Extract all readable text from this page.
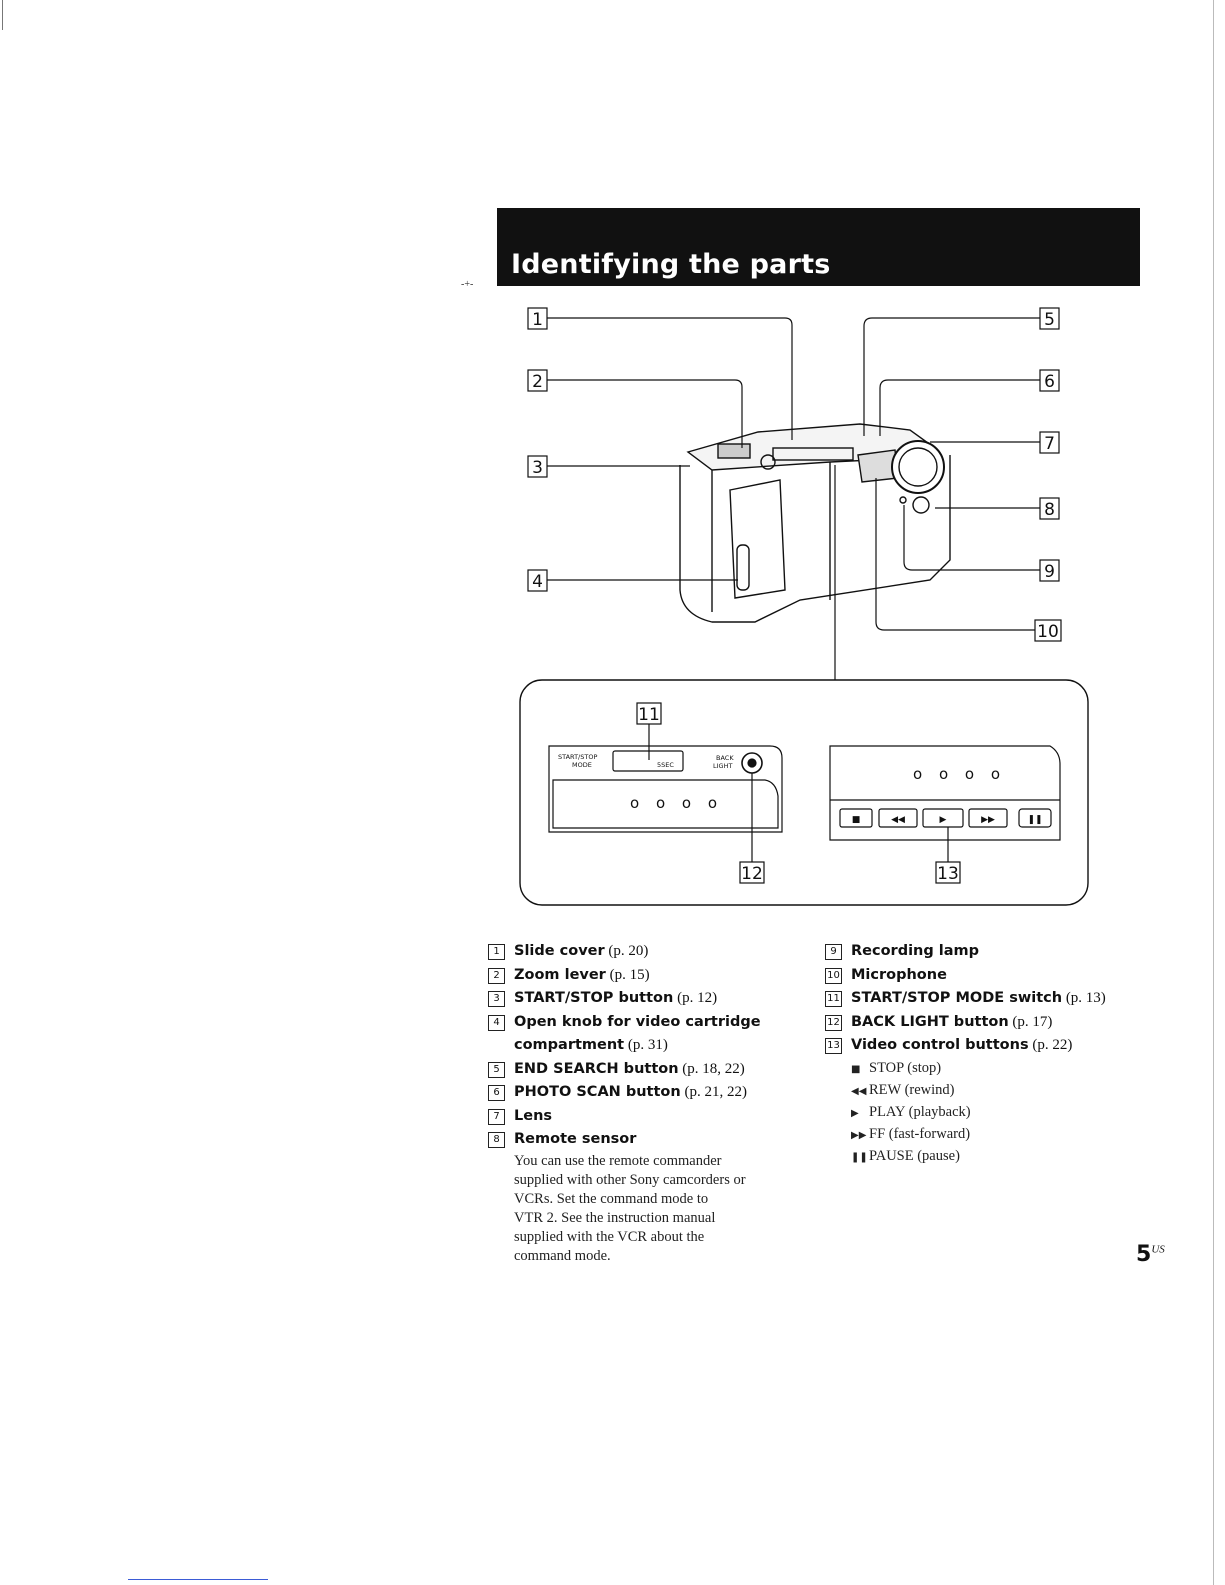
-+-
Identifying the parts
1
2
3
4
5
6
7
8
9
10
11
12	13
START/STOP
MODE	5SEC
BACK
LIGHT
o o o o
■	◀◀	▶	▶▶	❚❚
o o o o
1 Slide cover (p. 20)
2 Zoom lever (p. 15)
3 START/STOP button (p. 12)
4 Open knob for video cartridge
compartment (p. 31)
5 END SEARCH button (p. 18, 22)
6 PHOTO SCAN button (p. 21, 22)
7 Lens
8 Remote sensor
You can use the remote commander
supplied with other Sony camcorders or
VCRs. Set the command mode to
VTR 2. See the instruction manual
supplied with the VCR about the
command mode.
9 Recording lamp
10 Microphone
11 START/STOP MODE switch (p. 13)
12 BACK LIGHT button (p. 17)
13 Video control buttons (p. 22)
■ STOP (stop)
◀◀ REW (rewind)
▶ PLAY (playback)
▶▶ FF (fast-forward)
❚❚PAUSE (pause)
$5^{US}$
